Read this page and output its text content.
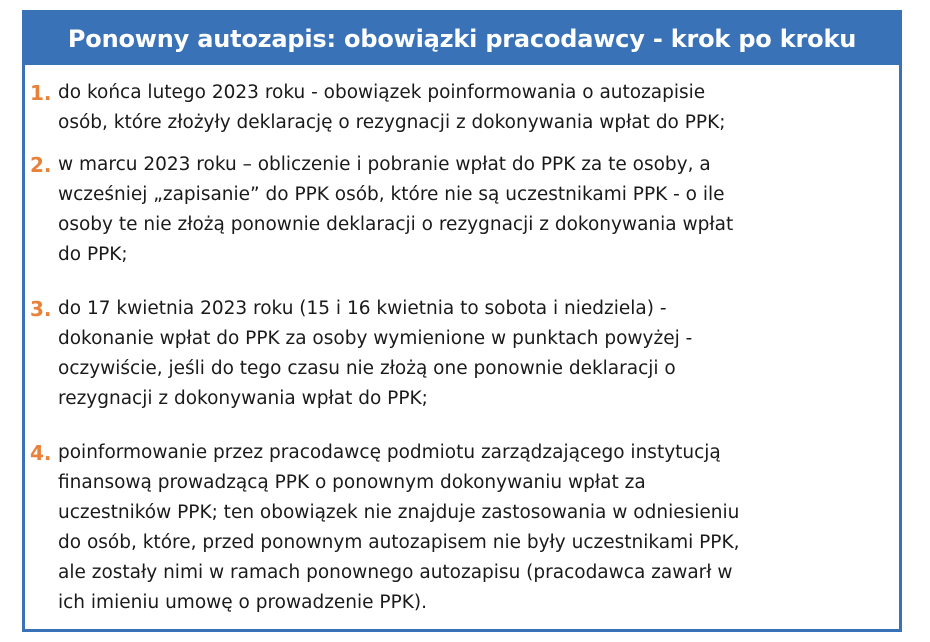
Ponowny autozapis: obowiązki pracodawcy - krok po kroku
1. do końca lutego 2023 roku - obowiązek poinformowania o autozapisie
osób, które złożyły deklarację o rezygnacji z dokonywania wpłat do PPK;
2. w marcu 2023 roku – obliczenie i pobranie wpłat do PPK za te osoby, a
wcześniej „zapisanie” do PPK osób, które nie są uczestnikami PPK - o ile
osoby te nie złożą ponownie deklaracji o rezygnacji z dokonywania wpłat
do PPK;
3. do 17 kwietnia 2023 roku (15 i 16 kwietnia to sobota i niedziela) -
dokonanie wpłat do PPK za osoby wymienione w punktach powyżej -
oczywiście, jeśli do tego czasu nie złożą one ponownie deklaracji o
rezygnacji z dokonywania wpłat do PPK;
4. poinformowanie przez pracodawcę podmiotu zarządzającego instytucją
finansową prowadzącą PPK o ponownym dokonywaniu wpłat za
uczestników PPK; ten obowiązek nie znajduje zastosowania w odniesieniu
do osób, które, przed ponownym autozapisem nie były uczestnikami PPK,
ale zostały nimi w ramach ponownego autozapisu (pracodawca zawarł w
ich imieniu umowę o prowadzenie PPK).
